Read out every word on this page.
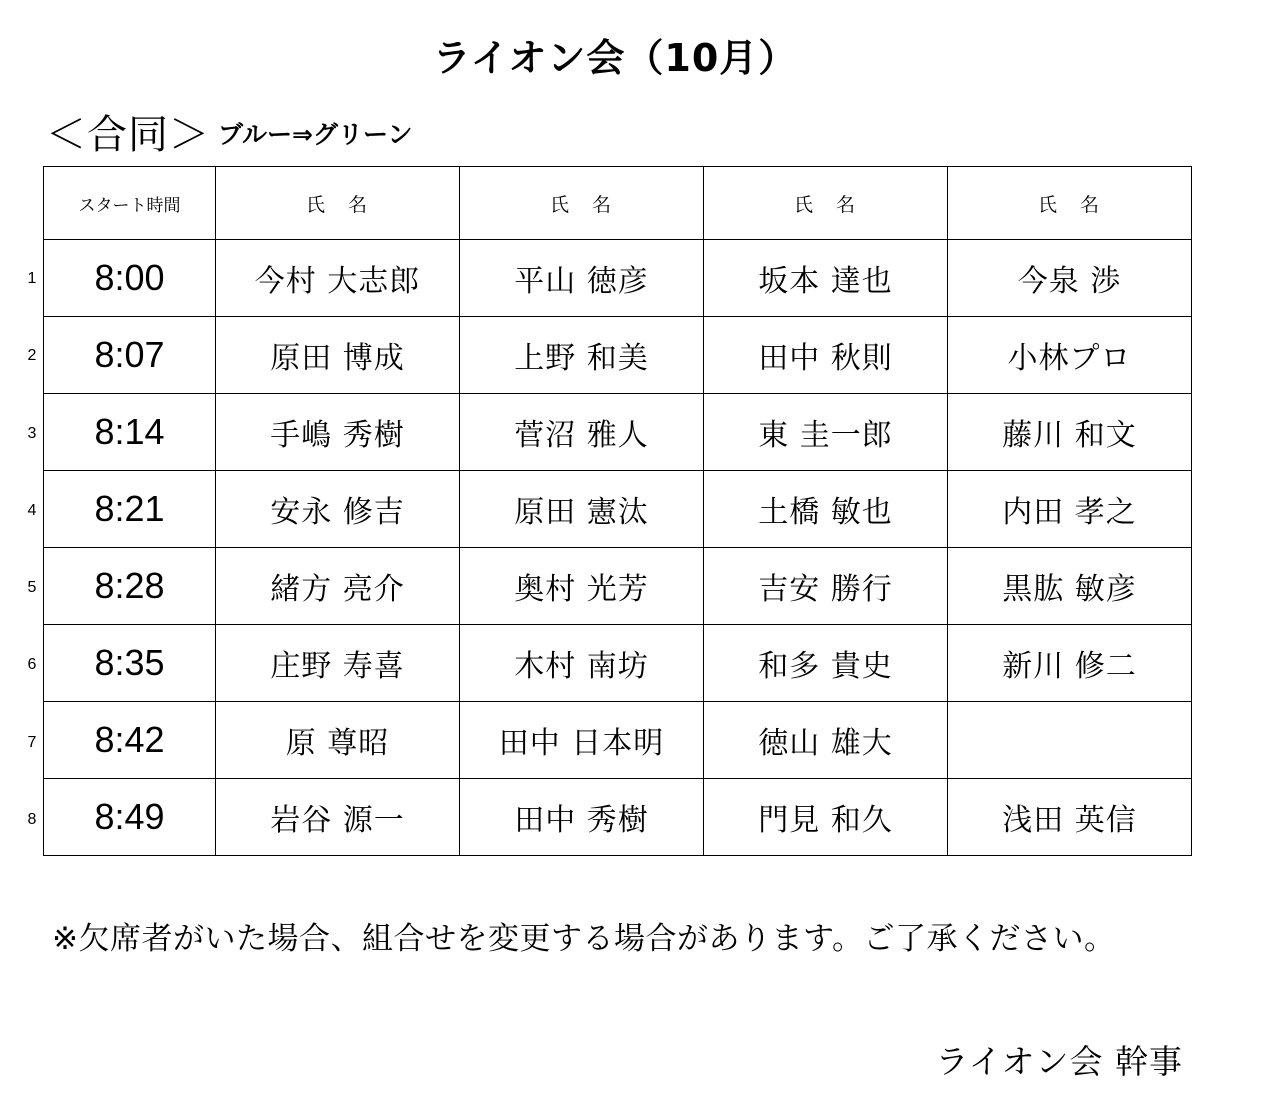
ライオン会（10月）
＜合同＞ ブルー⇒グリーン
1
2
3
4
5
6
7
8
スタート時間	氏　名	氏　名	氏　名	氏　名
8:00	今村 大志郎	平山 徳彦	坂本 達也	今泉 渉
8:07	原田 博成	上野 和美	田中 秋則	小林プロ
8:14	手嶋 秀樹	菅沼 雅人	東 圭一郎	藤川 和文
8:21	安永 修吉	原田 憲汰	土橋 敏也	内田 孝之
8:28	緒方 亮介	奥村 光芳	吉安 勝行	黒肱 敏彦
8:35	庄野 寿喜	木村 南坊	和多 貴史	新川 修二
8:42	原 尊昭	田中 日本明	徳山 雄大	
8:49	岩谷 源一	田中 秀樹	門見 和久	浅田 英信
※欠席者がいた場合、組合せを変更する場合があります。ご了承ください。
ライオン会 幹事
